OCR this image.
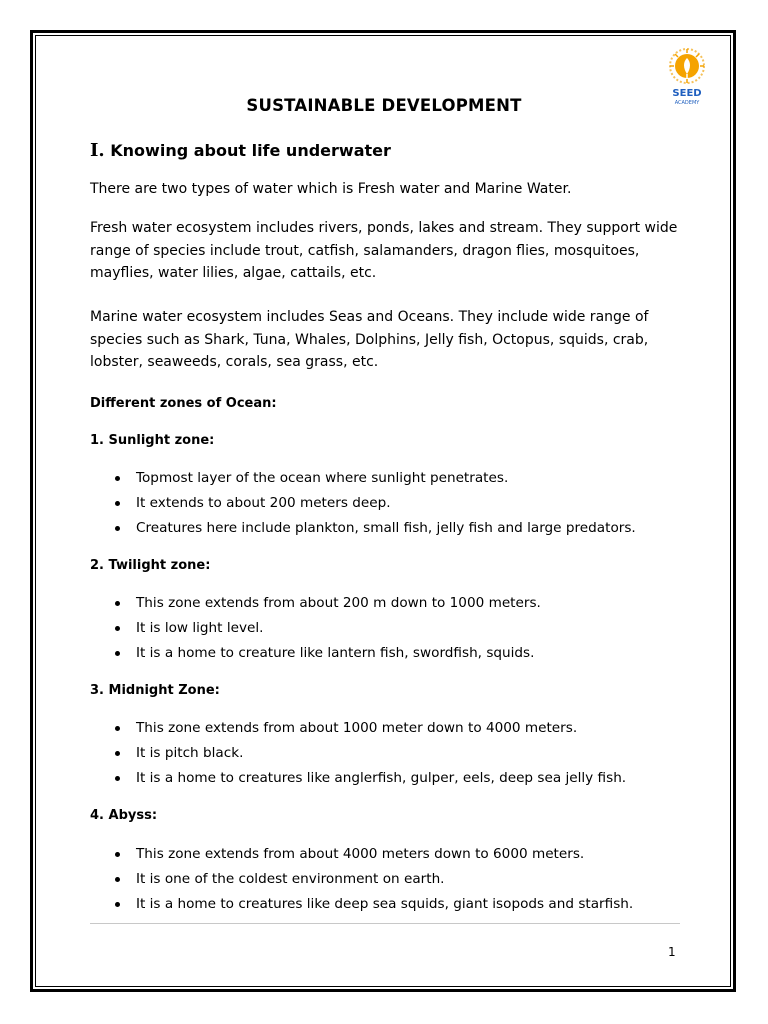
SEED
ACADEMY
SUSTAINABLE DEVELOPMENT
I. Knowing about life underwater

There are two types of water which is Fresh water and Marine Water.

Fresh water ecosystem includes rivers, ponds, lakes and stream. They support wide range of species include trout, catfish, salamanders, dragon flies, mosquitoes, mayflies, water lilies, algae, cattails, etc.

Marine water ecosystem includes Seas and Oceans. They include wide range of species such as Shark, Tuna, Whales, Dolphins, Jelly fish, Octopus, squids, crab, lobster, seaweeds, corals, sea grass, etc.

Different zones of Ocean:
1. Sunlight zone:
Topmost layer of the ocean where sunlight penetrates.
It extends to about 200 meters deep.
Creatures here include plankton, small fish, jelly fish and large predators.
2. Twilight zone:
This zone extends from about 200 m down to 1000 meters.
It is low light level.
It is a home to creature like lantern fish, swordfish, squids.
3. Midnight Zone:
This zone extends from about 1000 meter down to 4000 meters.
It is pitch black.
It is a home to creatures like anglerfish, gulper, eels, deep sea jelly fish.
4. Abyss:
This zone extends from about 4000 meters down to 6000 meters.
It is one of the coldest environment on earth.
It is a home to creatures like deep sea squids, giant isopods and starfish.
1
